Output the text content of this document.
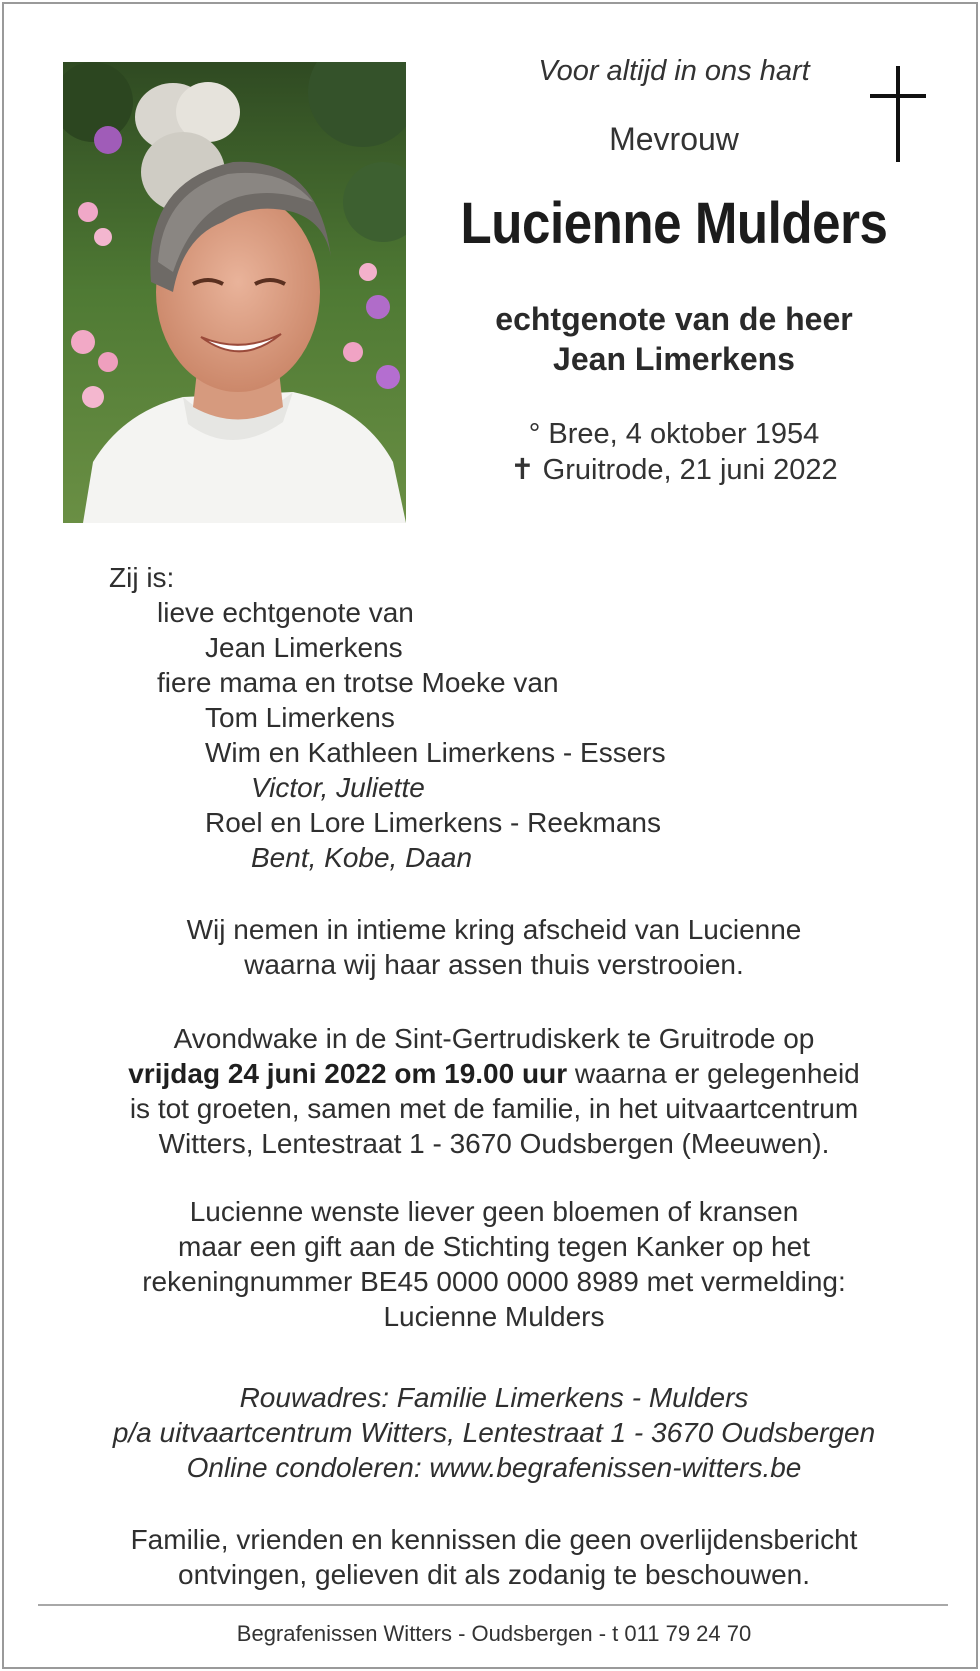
Voor altijd in ons hart
Mevrouw
Lucienne Mulders
echtgenote van de heer
Jean Limerkens
° Bree, 4 oktober 1954
✝ Gruitrode, 21 juni 2022
Zij is:
lieve echtgenote van
Jean Limerkens
fiere mama en trotse Moeke van
Tom Limerkens
Wim en Kathleen Limerkens - Essers
Victor, Juliette
Roel en Lore Limerkens - Reekmans
Bent, Kobe, Daan
Wij nemen in intieme kring afscheid van Lucienne
waarna wij haar assen thuis verstrooien.
Avondwake in de Sint-Gertrudiskerk te Gruitrode op
vrijdag 24 juni 2022 om 19.00 uur waarna er gelegenheid
is tot groeten, samen met de familie, in het uitvaartcentrum
Witters, Lentestraat 1 - 3670 Oudsbergen (Meeuwen).
Lucienne wenste liever geen bloemen of kransen
maar een gift aan de Stichting tegen Kanker op het
rekeningnummer BE45 0000 0000 8989 met vermelding:
Lucienne Mulders
Rouwadres: Familie Limerkens - Mulders
p/a uitvaartcentrum Witters, Lentestraat 1 - 3670 Oudsbergen
Online condoleren: www.begrafenissen-witters.be
Familie, vrienden en kennissen die geen overlijdensbericht
ontvingen, gelieven dit als zodanig te beschouwen.
Begrafenissen Witters - Oudsbergen - t 011 79 24 70
